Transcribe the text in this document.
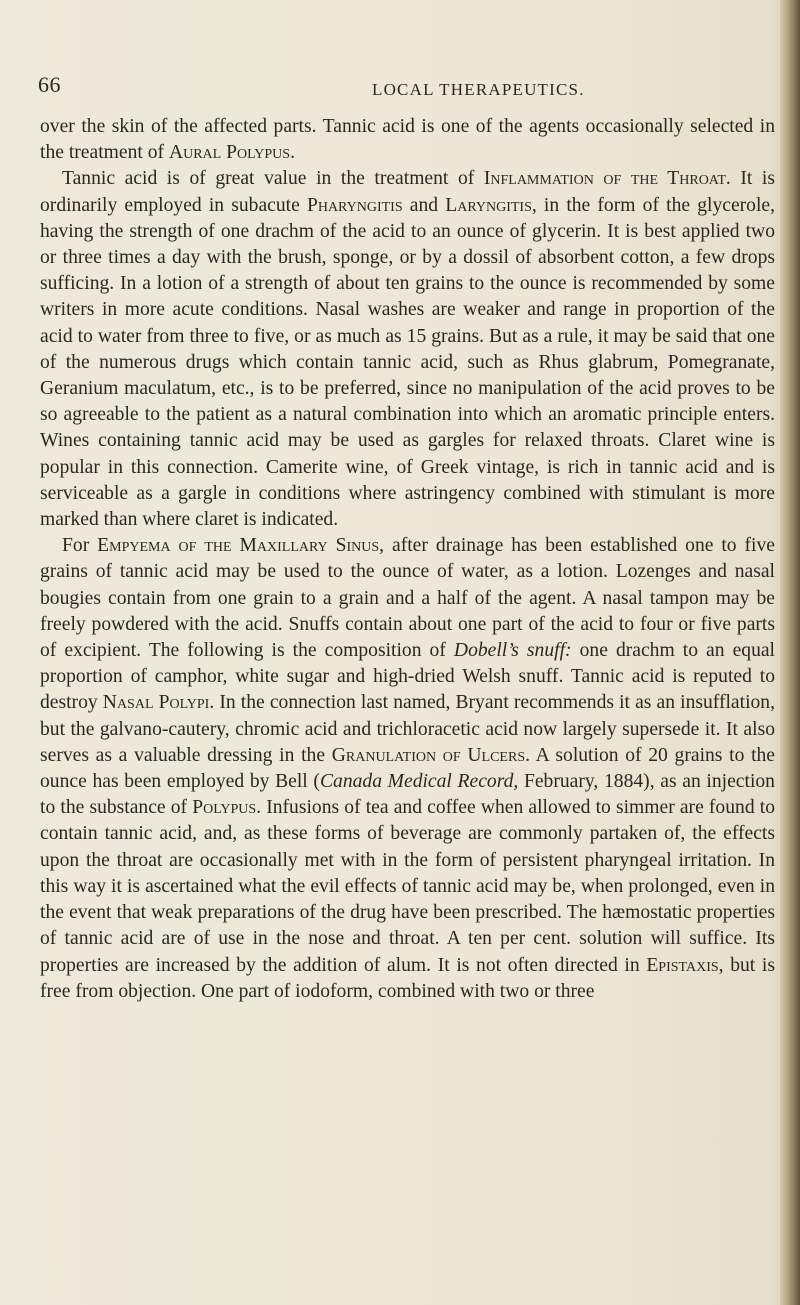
66	LOCAL THERAPEUTICS.

over the skin of the affected parts. Tannic acid is one of the agents occasionally selected in the treatment of Aural Polypus.

Tannic acid is of great value in the treatment of Inflammation of the Throat. It is ordinarily employed in subacute Pharyngitis and Laryngitis, in the form of the glycerole, having the strength of one drachm of the acid to an ounce of glycerin. It is best applied two or three times a day with the brush, sponge, or by a dossil of absorbent cotton, a few drops sufficing. In a lotion of a strength of about ten grains to the ounce is recommended by some writers in more acute conditions. Nasal washes are weaker and range in proportion of the acid to water from three to five, or as much as 15 grains. But as a rule, it may be said that one of the numerous drugs which contain tannic acid, such as Rhus glabrum, Pomegranate, Geranium maculatum, etc., is to be preferred, since no manipulation of the acid proves to be so agreeable to the patient as a natural combination into which an aromatic principle enters. Wines containing tannic acid may be used as gargles for relaxed throats. Claret wine is popular in this connection. Camerite wine, of Greek vintage, is rich in tannic acid and is serviceable as a gargle in conditions where astringency combined with stimulant is more marked than where claret is indicated.

For Empyema of the Maxillary Sinus, after drainage has been established one to five grains of tannic acid may be used to the ounce of water, as a lotion. Lozenges and nasal bougies contain from one grain to a grain and a half of the agent. A nasal tampon may be freely powdered with the acid. Snuffs contain about one part of the acid to four or five parts of excipient. The following is the composition of Dobell’s snuff: one drachm to an equal proportion of camphor, white sugar and high-dried Welsh snuff. Tannic acid is reputed to destroy Nasal Polypi. In the connection last named, Bryant recommends it as an insufflation, but the galvano-cautery, chromic acid and trichloracetic acid now largely supersede it. It also serves as a valuable dressing in the Granulation of Ulcers. A solution of 20 grains to the ounce has been employed by Bell (Canada Medical Record, February, 1884), as an injection to the substance of Polypus. Infusions of tea and coffee when allowed to simmer are found to contain tannic acid, and, as these forms of beverage are commonly partaken of, the effects upon the throat are occasionally met with in the form of persistent pharyngeal irritation. In this way it is ascertained what the evil effects of tannic acid may be, when prolonged, even in the event that weak preparations of the drug have been prescribed. The hæmostatic properties of tannic acid are of use in the nose and throat. A ten per cent. solution will suffice. Its properties are increased by the addition of alum. It is not often directed in Epistaxis, but is free from objection. One part of iodoform, combined with two or three
